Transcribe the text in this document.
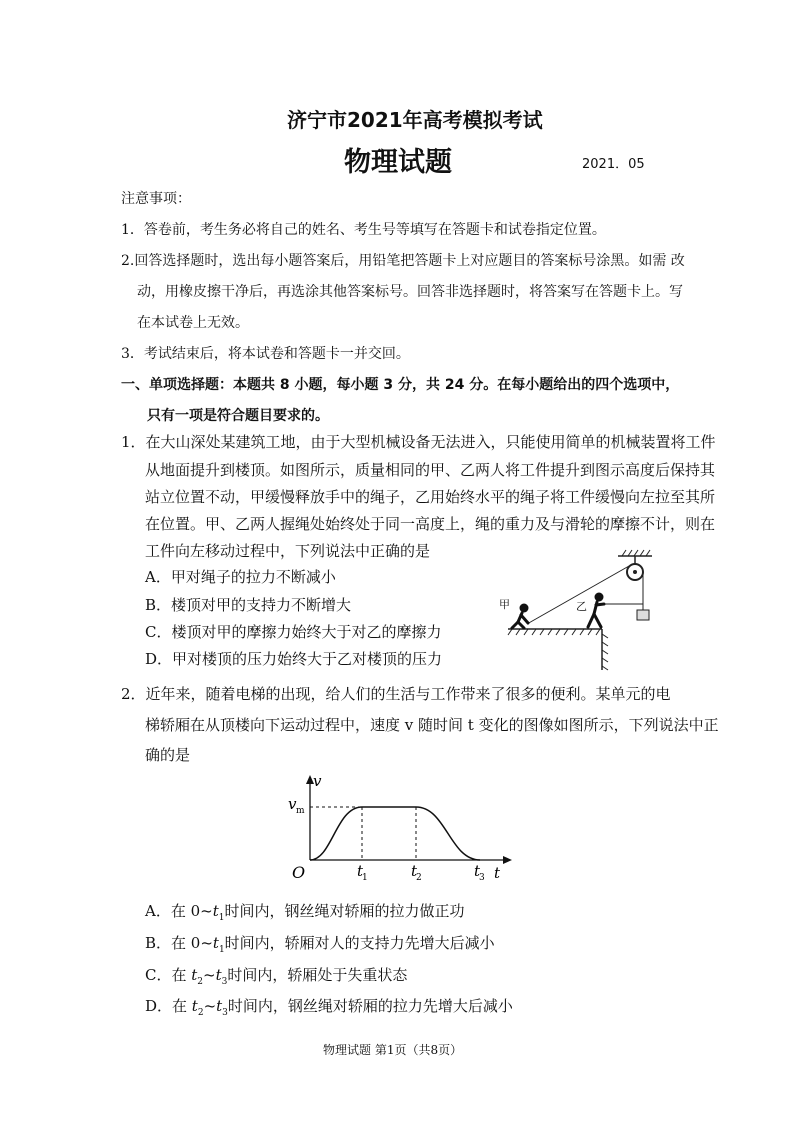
济宁市2021年高考模拟考试
物理试题	2021．05
注意事项：
1．答卷前，考生务必将自己的姓名、考生号等填写在答题卡和试卷指定位置。
2.回答选择题时，选出每小题答案后，用铅笔把答题卡上对应题目的答案标号涂黑。如需 改
动，用橡皮擦干净后，再选涂其他答案标号。回答非选择题时，将答案写在答题卡上。写
在本试卷上无效。
3．考试结束后，将本试卷和答题卡一并交回。
一、单项选择题：本题共 8 小题，每小题 3 分，共 24 分。在每小题给出的四个选项中，
只有一项是符合题目要求的。
1．在大山深处某建筑工地，由于大型机械设备无法进入，只能使用简单的机械装置将工件
从地面提升到楼顶。如图所示，质量相同的甲、乙两人将工件提升到图示高度后保持其
站立位置不动，甲缓慢释放手中的绳子，乙用始终水平的绳子将工件缓慢向左拉至其所
在位置。甲、乙两人握绳处始终处于同一高度上，绳的重力及与滑轮的摩擦不计，则在
工件向左移动过程中，下列说法中正确的是
A．甲对绳子的拉力不断减小
B．楼顶对甲的支持力不断增大
C．楼顶对甲的摩擦力始终大于对乙的摩擦力
D．甲对楼顶的压力始终大于乙对楼顶的压力
甲	乙
2．近年来，随着电梯的出现，给人们的生活与工作带来了很多的便利。某单元的电
梯轿厢在从顶楼向下运动过程中，速度 v 随时间 t 变化的图像如图所示，下列说法中正
确的是
v
v m
O	t
1	t
2	t
3 t
A．在 $0\sim t_1$时间内，钢丝绳对轿厢的拉力做正功
B．在 $0\sim t_1$时间内，轿厢对人的支持力先增大后减小
C．在 $t_2\sim t_3$时间内，轿厢处于失重状态
D．在 $t_2\sim t_3$时间内，钢丝绳对轿厢的拉力先增大后减小
物理试题 第1页（共8页）
